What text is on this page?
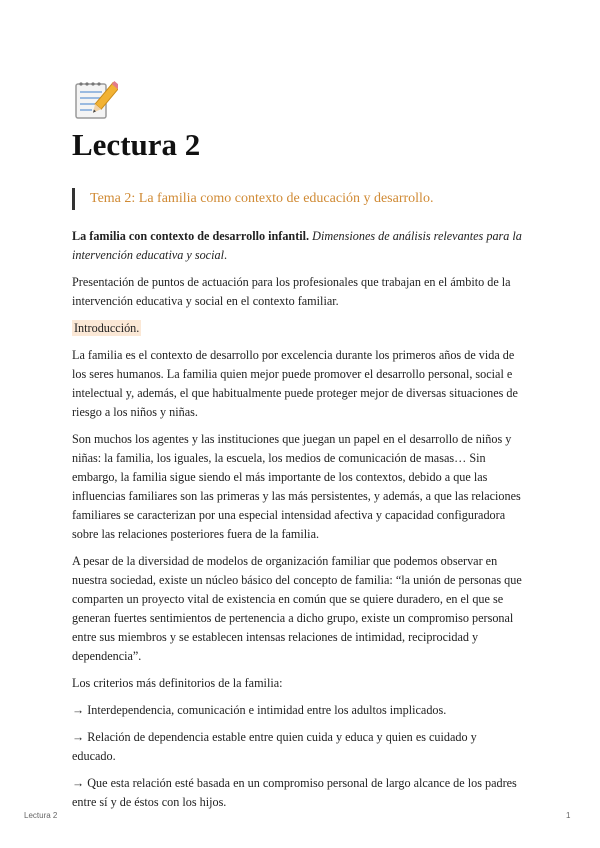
Lectura 2
Tema 2: La familia como contexto de educación y desarrollo.

La familia con contexto de desarrollo infantil. Dimensiones de análisis relevantes para la intervención educativa y social.

Presentación de puntos de actuación para los profesionales que trabajan en el ámbito de la intervención educativa y social en el contexto familiar.

Introducción.

La familia es el contexto de desarrollo por excelencia durante los primeros años de vida de los seres humanos. La familia quien mejor puede promover el desarrollo personal, social e intelectual y, además, el que habitualmente puede proteger mejor de diversas situaciones de riesgo a los niños y niñas.

Son muchos los agentes y las instituciones que juegan un papel en el desarrollo de niños y niñas: la familia, los iguales, la escuela, los medios de comunicación de masas… Sin embargo, la familia sigue siendo el más importante de los contextos, debido a que las influencias familiares son las primeras y las más persistentes, y además, a que las relaciones familiares se caracterizan por una especial intensidad afectiva y capacidad configuradora sobre las relaciones posteriores fuera de la familia.

A pesar de la diversidad de modelos de organización familiar que podemos observar en nuestra sociedad, existe un núcleo básico del concepto de familia: “la unión de personas que comparten un proyecto vital de existencia en común que se quiere duradero, en el que se generan fuertes sentimientos de pertenencia a dicho grupo, existe un compromiso personal entre sus miembros y se establecen intensas relaciones de intimidad, reciprocidad y dependencia”.

Los criterios más definitorios de la familia:

→ Interdependencia, comunicación e intimidad entre los adultos implicados.

→ Relación de dependencia estable entre quien cuida y educa y quien es cuidado y educado.

→ Que esta relación esté basada en un compromiso personal de largo alcance de los padres entre sí y de éstos con los hijos.

Lectura 2	1
